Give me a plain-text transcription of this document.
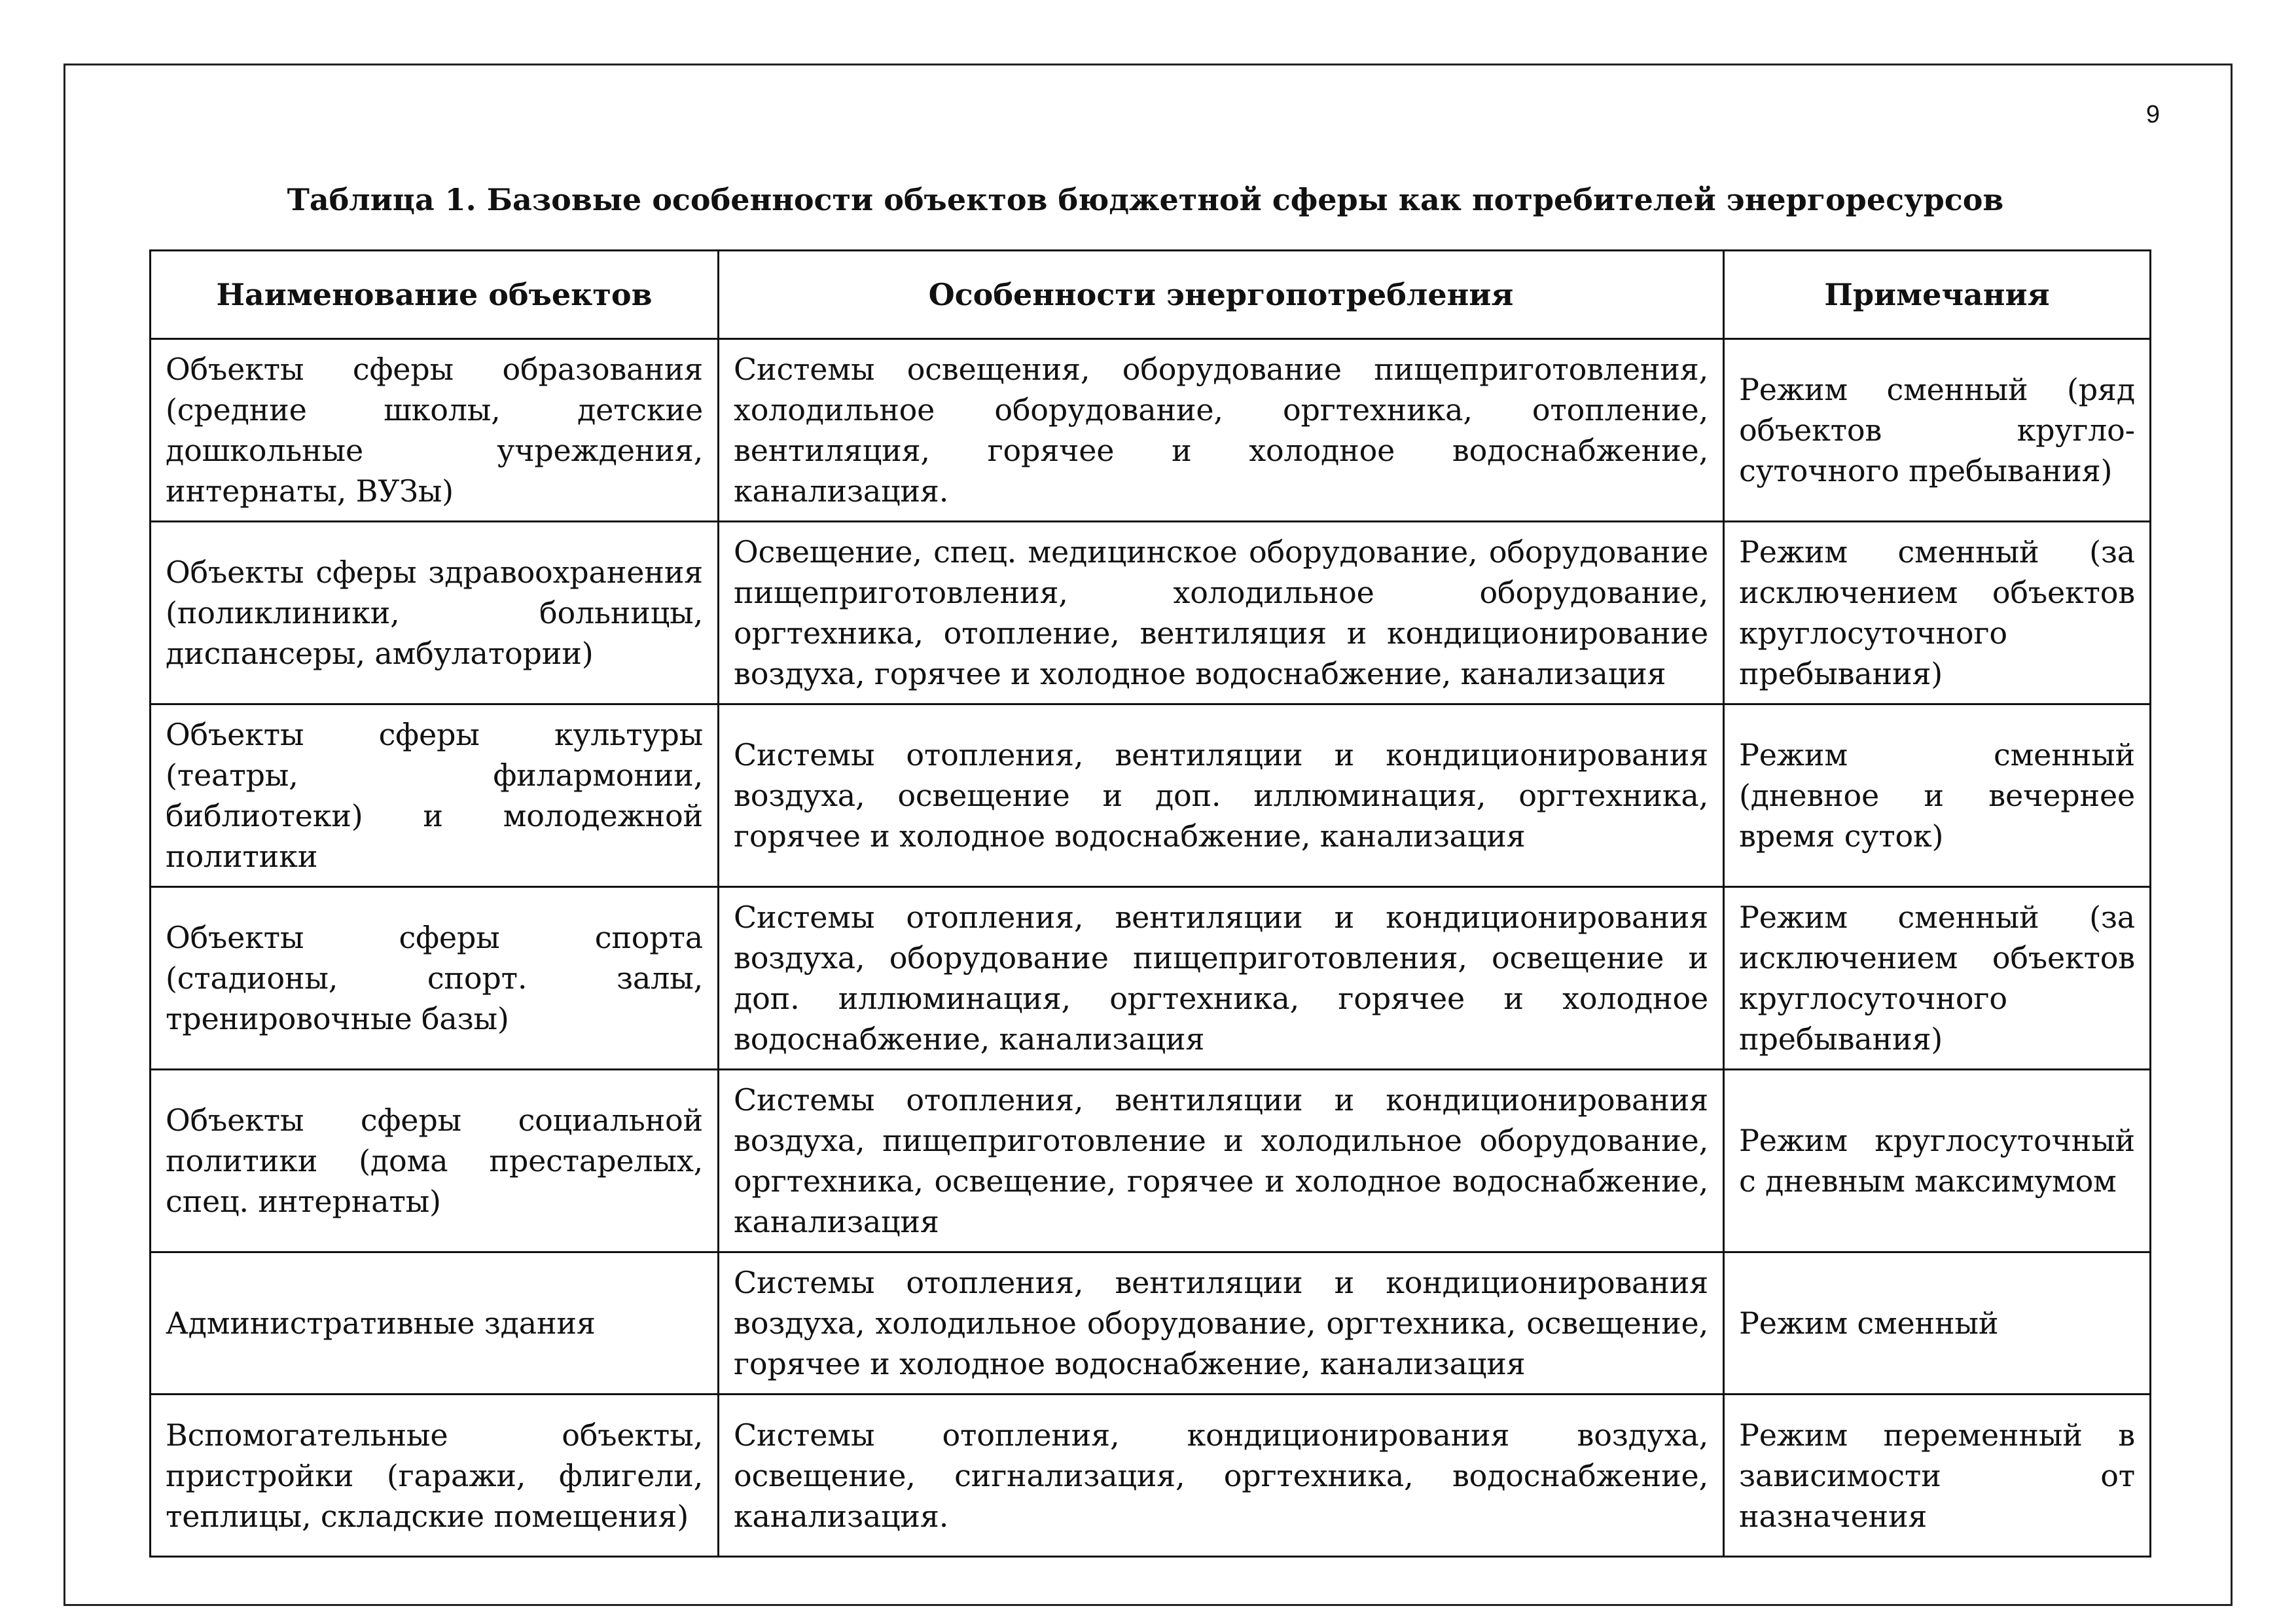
9
Таблица 1. Базовые особенности объектов бюджетной сферы как потребителей энергоресурсов
Наименование объектов	Особенности энергопотребления	Примечания

Объекты сферы образования (средние школы, детские дошкольные учреждения, интернаты, ВУЗы)	Системы освещения, оборудование пищеприготовления, холодильное оборудование, оргтехника, отопление, вентиляция, горячее и холодное водоснабжение, канализация.	Режим сменный (ряд объектов кругло-суточного пребывания)

Объекты сферы здравоохранения (поликлиники, больницы, диспансеры, амбулатории)	Освещение, спец. медицинское оборудование, оборудование пищеприготовления, холодильное оборудование, оргтехника, отопление, вентиляция и кондиционирование воздуха, горячее и холодное водоснабжение, канализация	Режим сменный (за исключением объектов круглосуточного пребывания)

Объекты сферы культуры (театры, филармонии, библиотеки) и молодежной политики	Системы отопления, вентиляции и кондиционирования воздуха, освещение и доп. иллюминация, оргтехника, горячее и холодное водоснабжение, канализация	Режим сменный (дневное и вечернее время суток)

Объекты сферы спорта (стадионы, спорт. залы, тренировочные базы)	Системы отопления, вентиляции и кондиционирования воздуха, оборудование пищеприготовления, освещение и доп. иллюминация, оргтехника, горячее и холодное водоснабжение, канализация	Режим сменный (за исключением объектов круглосуточного пребывания)

Объекты сферы социальной политики (дома престарелых, спец. интернаты)	Системы отопления, вентиляции и кондиционирования воздуха, пищеприготовление и холодильное оборудование, оргтехника, освещение, горячее и холодное водоснабжение, канализация	Режим круглосуточный с дневным максимумом

Административные здания	Системы отопления, вентиляции и кондиционирования воздуха, холодильное оборудование, оргтехника, освещение, горячее и холодное водоснабжение, канализация	Режим сменный

Вспомогательные объекты, пристройки (гаражи, флигели, теплицы, складские помещения)	Системы отопления, кондиционирования воздуха, освещение, сигнализация, оргтехника, водоснабжение, канализация.	Режим переменный в зависимости от назначения
